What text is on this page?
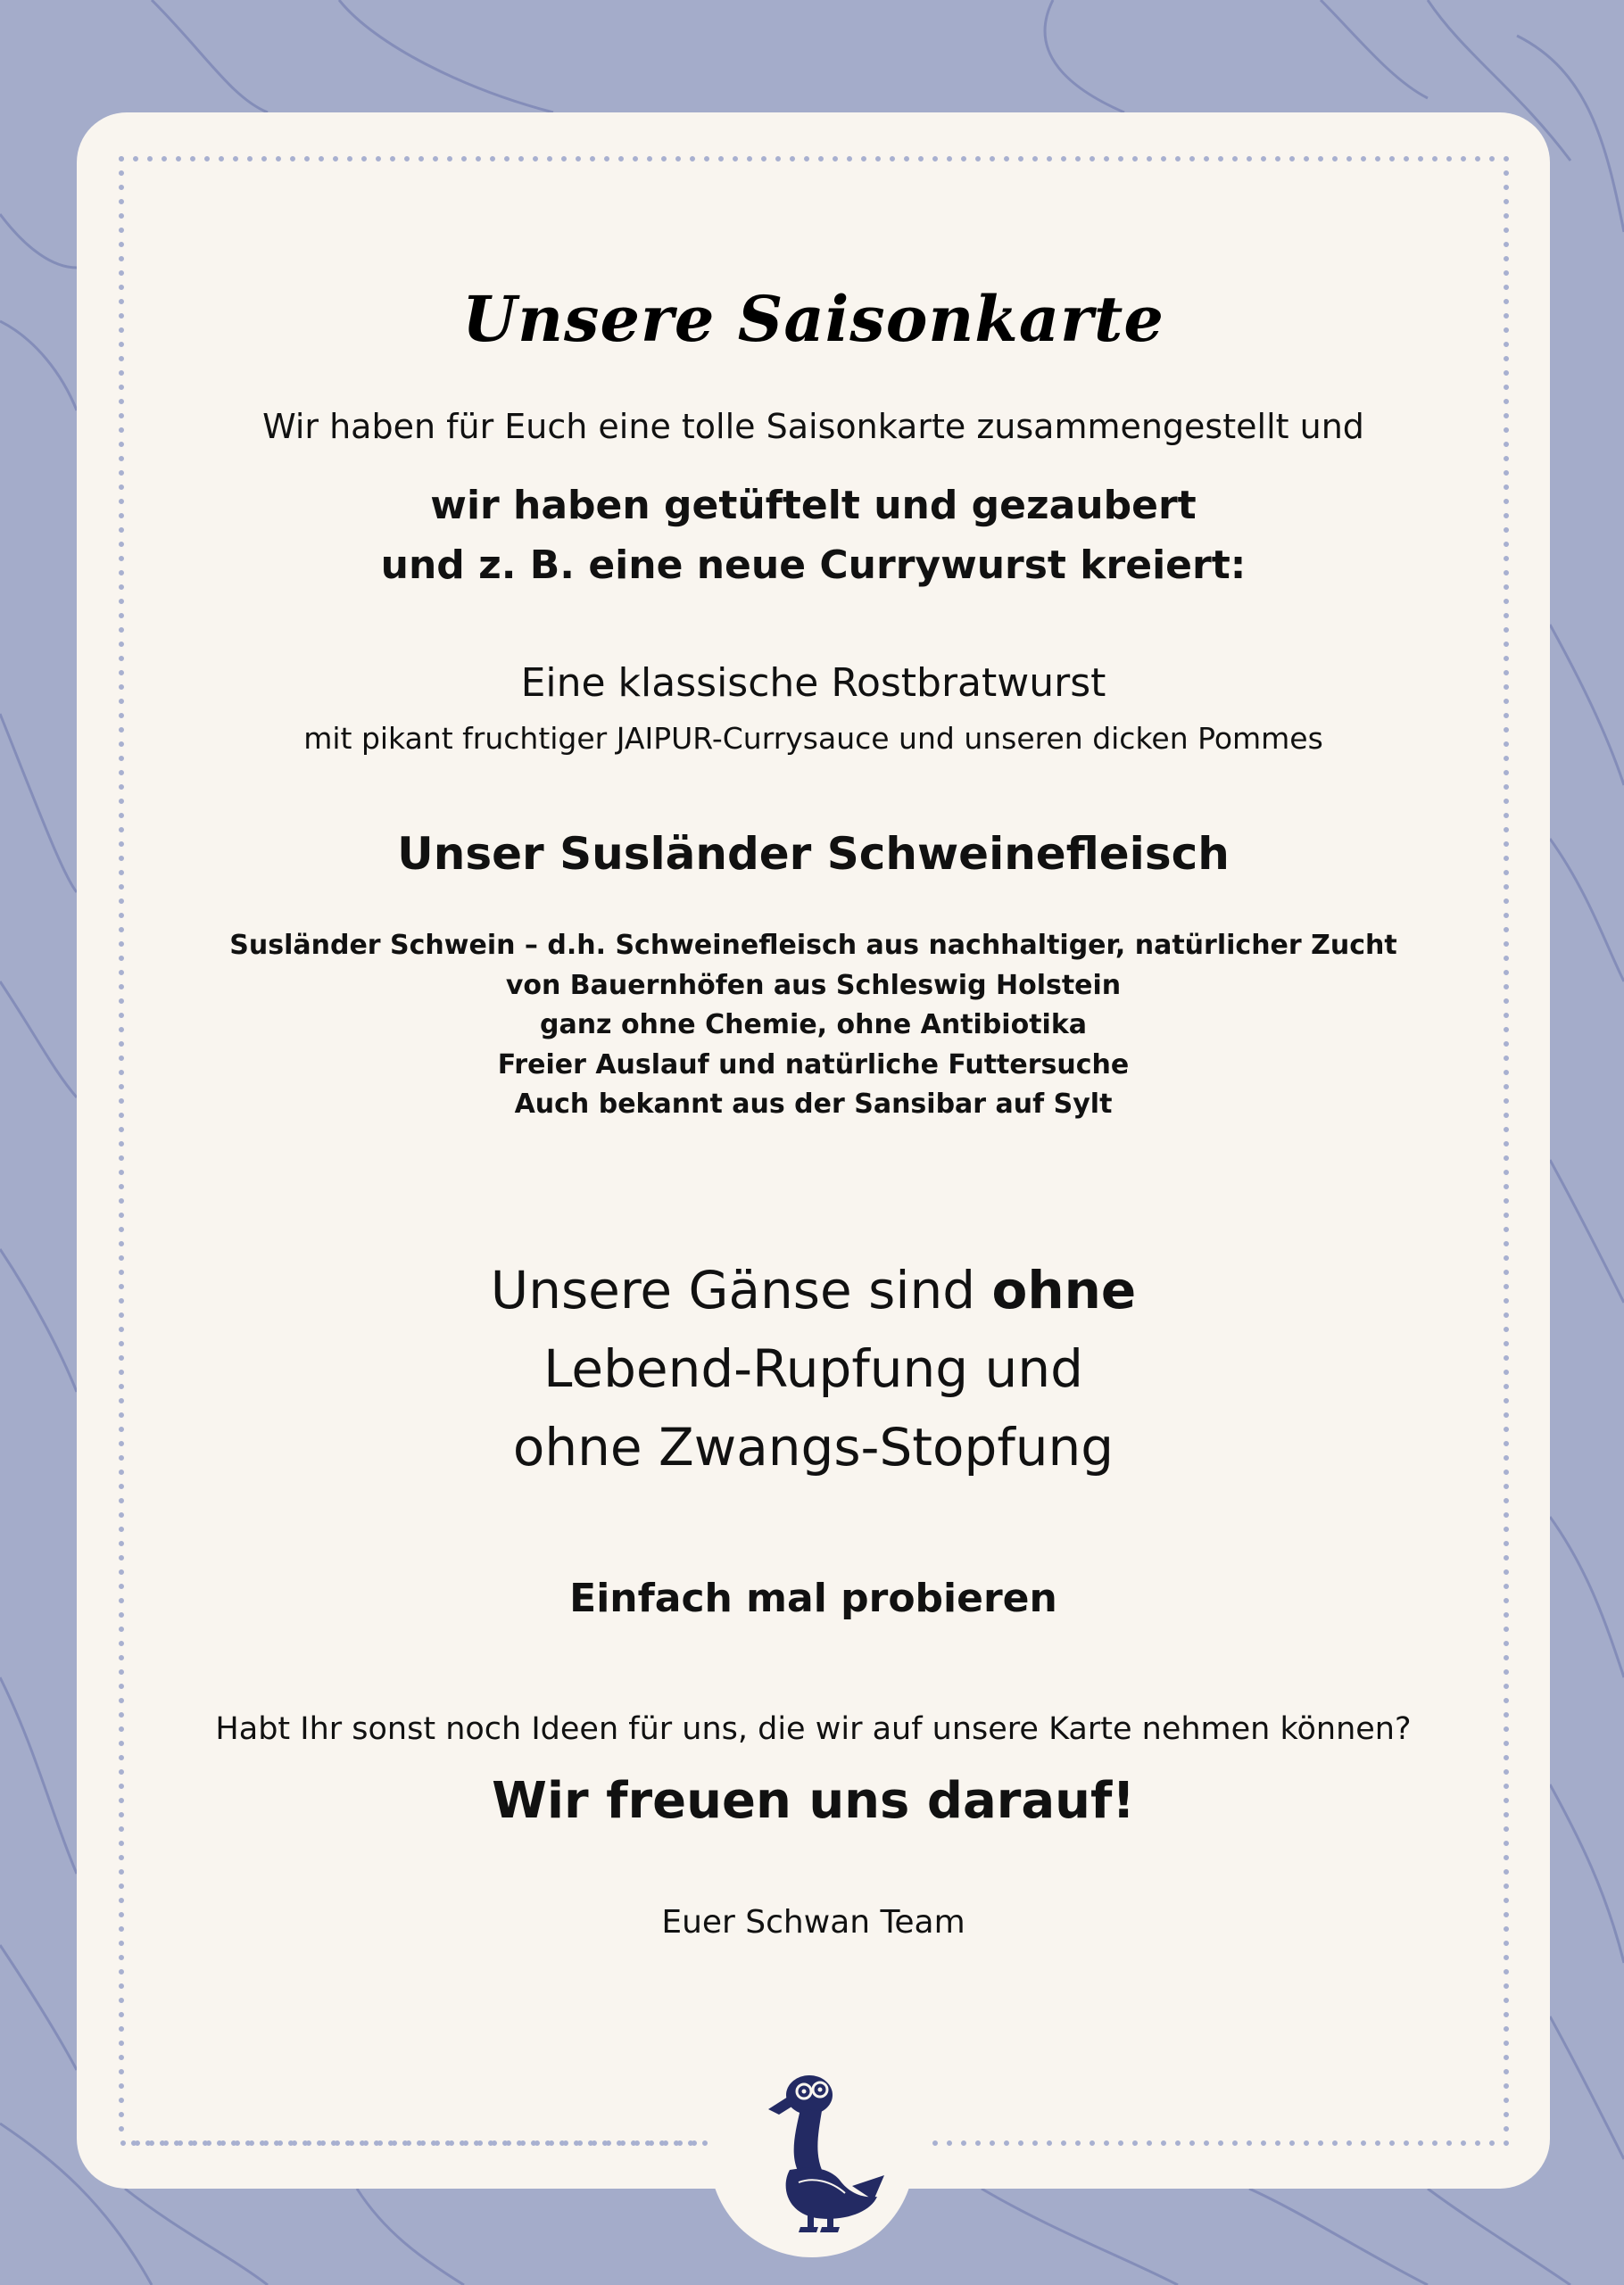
Unsere Saisonkarte
Wir haben für Euch eine tolle Saisonkarte zusammengestellt und
wir haben getüftelt und gezaubert
und z. B. eine neue Currywurst kreiert:
Eine klassische Rostbratwurst
mit pikant fruchtiger JAIPUR-Currysauce und unseren dicken Pommes
Unser Susländer Schweinefleisch
Susländer Schwein – d.h. Schweinefleisch aus nachhaltiger, natürlicher Zucht
von Bauernhöfen aus Schleswig Holstein
ganz ohne Chemie, ohne Antibiotika
Freier Auslauf und natürliche Futtersuche
Auch bekannt aus der Sansibar auf Sylt
Unsere Gänse sind ohne
Lebend-Rupfung und
ohne Zwangs-Stopfung
Einfach mal probieren
Habt Ihr sonst noch Ideen für uns, die wir auf unsere Karte nehmen können?
Wir freuen uns darauf!
Euer Schwan Team
